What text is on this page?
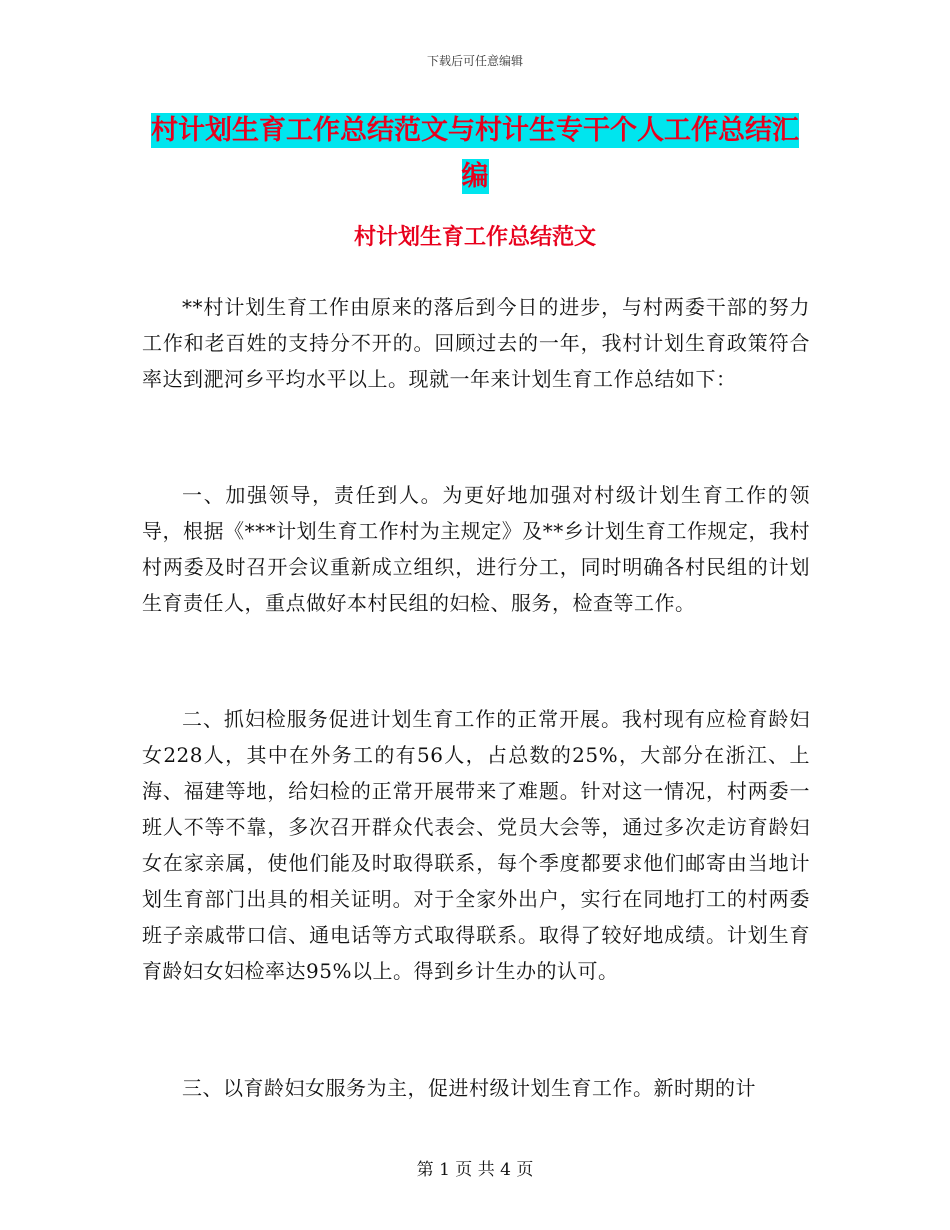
下载后可任意编辑
村计划生育工作总结范文与村计生专干个人工作总结汇编
村计划生育工作总结范文

**村计划生育工作由原来的落后到今日的进步，与村两委干部的努力工作和老百姓的支持分不开的。回顾过去的一年，我村计划生育政策符合率达到淝河乡平均水平以上。现就一年来计划生育工作总结如下：

一、加强领导，责任到人。为更好地加强对村级计划生育工作的领导，根据《***计划生育工作村为主规定》及**乡计划生育工作规定，我村村两委及时召开会议重新成立组织，进行分工，同时明确各村民组的计划生育责任人，重点做好本村民组的妇检、服务，检查等工作。

二、抓妇检服务促进计划生育工作的正常开展。我村现有应检育龄妇女228人，其中在外务工的有56人，占总数的25%，大部分在浙江、上海、福建等地，给妇检的正常开展带来了难题。针对这一情况，村两委一班人不等不靠，多次召开群众代表会、党员大会等，通过多次走访育龄妇女在家亲属，使他们能及时取得联系，每个季度都要求他们邮寄由当地计划生育部门出具的相关证明。对于全家外出户，实行在同地打工的村两委班子亲戚带口信、通电话等方式取得联系。取得了较好地成绩。计划生育育龄妇女妇检率达95%以上。得到乡计生办的认可。

三、以育龄妇女服务为主，促进村级计划生育工作。新时期的计

第 1 页 共 4 页
